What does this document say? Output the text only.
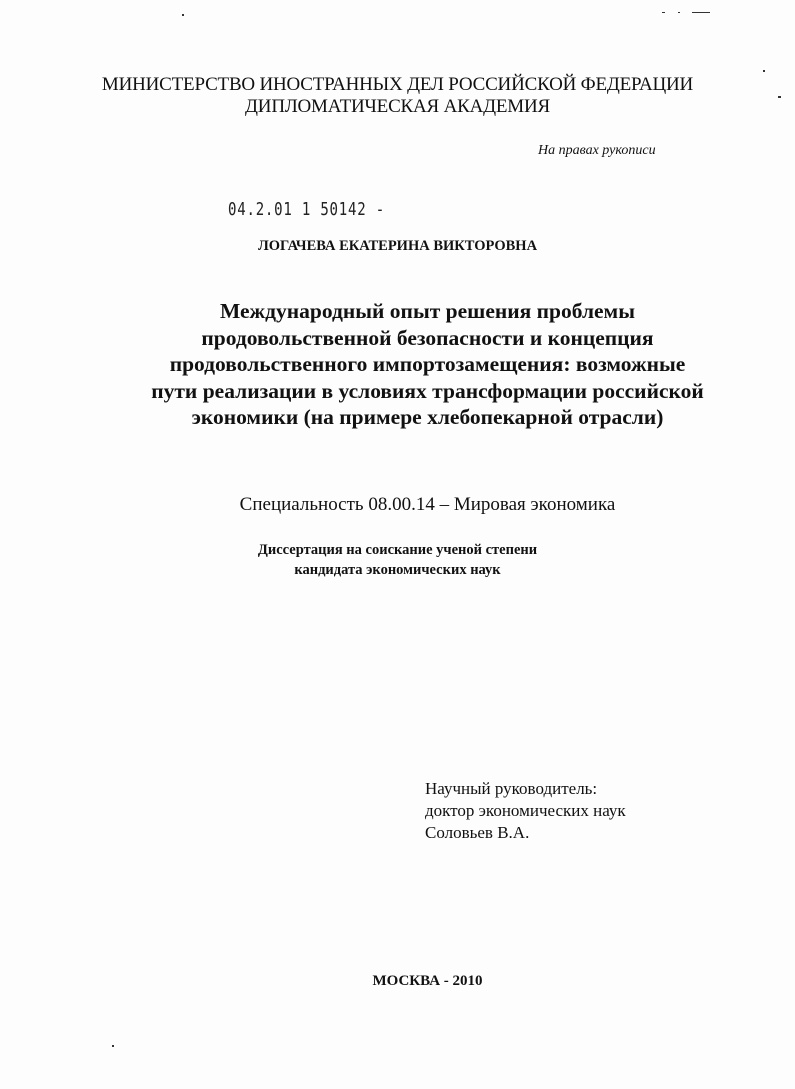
МИНИСТЕРСТВО ИНОСТРАННЫХ ДЕЛ РОССИЙСКОЙ ФЕДЕРАЦИИ
ДИПЛОМАТИЧЕСКАЯ АКАДЕМИЯ
На правах рукописи
04.2.01 1 50142 -
ЛОГАЧЕВА ЕКАТЕРИНА ВИКТОРОВНА
Международный опыт решения проблемы
продовольственной безопасности и концепция
продовольственного импортозамещения: возможные
пути реализации в условиях трансформации российской
экономики (на примере хлебопекарной отрасли)
Специальность 08.00.14 – Мировая экономика
Диссертация на соискание ученой степени
кандидата экономических наук
Научный руководитель:
доктор экономических наук
Соловьев В.А.
МОСКВА - 2010
